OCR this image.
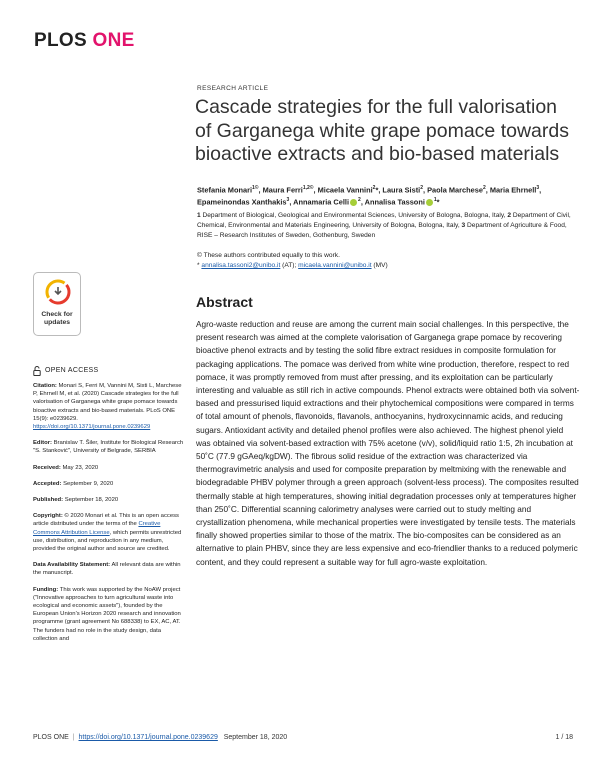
PLOS ONE
RESEARCH ARTICLE
Cascade strategies for the full valorisation of Garganega white grape pomace towards bioactive extracts and bio-based materials
Stefania Monari$^{1©}$, Maura Ferri$^{1,2©}$, Micaela Vannini$^2$*, Laura Sisti$^2$, Paola Marchese$^2$, Maria Ehrnell$^3$, Epameinondas Xanthakis$^3$, Annamaria Celli $^2$, Annalisa Tassoni $^1$*
1 Department of Biological, Geological and Environmental Sciences, University of Bologna, Bologna, Italy, 2 Department of Civil, Chemical, Environmental and Materials Engineering, University of Bologna, Bologna, Italy, 3 Department of Agriculture & Food, RISE – Research Institutes of Sweden, Gothenburg, Sweden
© These authors contributed equally to this work.
* annalisa.tassoni2@unibo.it (AT); micaela.vannini@unibo.it (MV)
Check for
updates
Abstract

Agro-waste reduction and reuse are among the current main social challenges. In this perspective, the present research was aimed at the complete valorisation of Garganega grape pomace by recovering bioactive phenol extracts and by testing the solid fibre extract residues in composite formulation for packaging applications. The pomace was derived from white wine production, therefore, respect to red pomace, it was promptly removed from must after pressing, and its exploitation can be particularly interesting and valuable as still rich in active compounds. Phenol extracts were obtained both via solvent-based and pressurised liquid extractions and their phytochemical compositions were compared in terms of total amount of phenols, flavonoids, flavanols, anthocyanins, hydroxycinnamic acids, and reducing sugars. Antioxidant activity and detailed phenol profiles were also achieved. The highest phenol yield was obtained via solvent-based extraction with 75% acetone (v/v), solid/liquid ratio 1:5, 2h incubation at 50˚C (77.9 gGAeq/kgDW). The fibrous solid residue of the extraction was characterized via thermogravimetric analysis and used for composite preparation by meltmixing with the renewable and biodegradable PHBV polymer through a green approach (solvent-less process). The composites resulted thermally stable at high temperatures, showing initial degradation processes only at temperatures higher than 250˚C. Differential scanning calorimetry analyses were carried out to study melting and crystallization phenomena, while mechanical properties were investigated by tensile tests. The materials finally showed properties similar to those of the matrix. The bio-composites can be considered as an alternative to plain PHBV, since they are less expensive and eco-friendlier thanks to a reduced polymeric content, and they could represent a suitable way for full agro-waste exploitation.

OPEN ACCESS

Citation: Monari S, Ferri M, Vannini M, Sisti L, Marchese P, Ehrnell M, et al. (2020) Cascade strategies for the full valorisation of Garganega white grape pomace towards bioactive extracts and bio-based materials. PLoS ONE 15(9): e0239629. https://doi.org/10.1371/journal.pone.0239629

Editor: Branislav T. Šiler, Institute for Biological Research "S. Stanković", University of Belgrade, SERBIA

Received: May 23, 2020

Accepted: September 9, 2020

Published: September 18, 2020

Copyright: © 2020 Monari et al. This is an open access article distributed under the terms of the Creative Commons Attribution License, which permits unrestricted use, distribution, and reproduction in any medium, provided the original author and source are credited.

Data Availability Statement: All relevant data are within the manuscript.

Funding: This work was supported by the NoAW project ("Innovative approaches to turn agricultural waste into ecological and economic assets"), founded by the European Union's Horizon 2020 research and innovation programme (grant agreement No 688338) to EX, AC, AT. The funders had no role in the study design, data collection and

PLOS ONE | https://doi.org/10.1371/journal.pone.0239629 September 18, 2020	1 / 18
